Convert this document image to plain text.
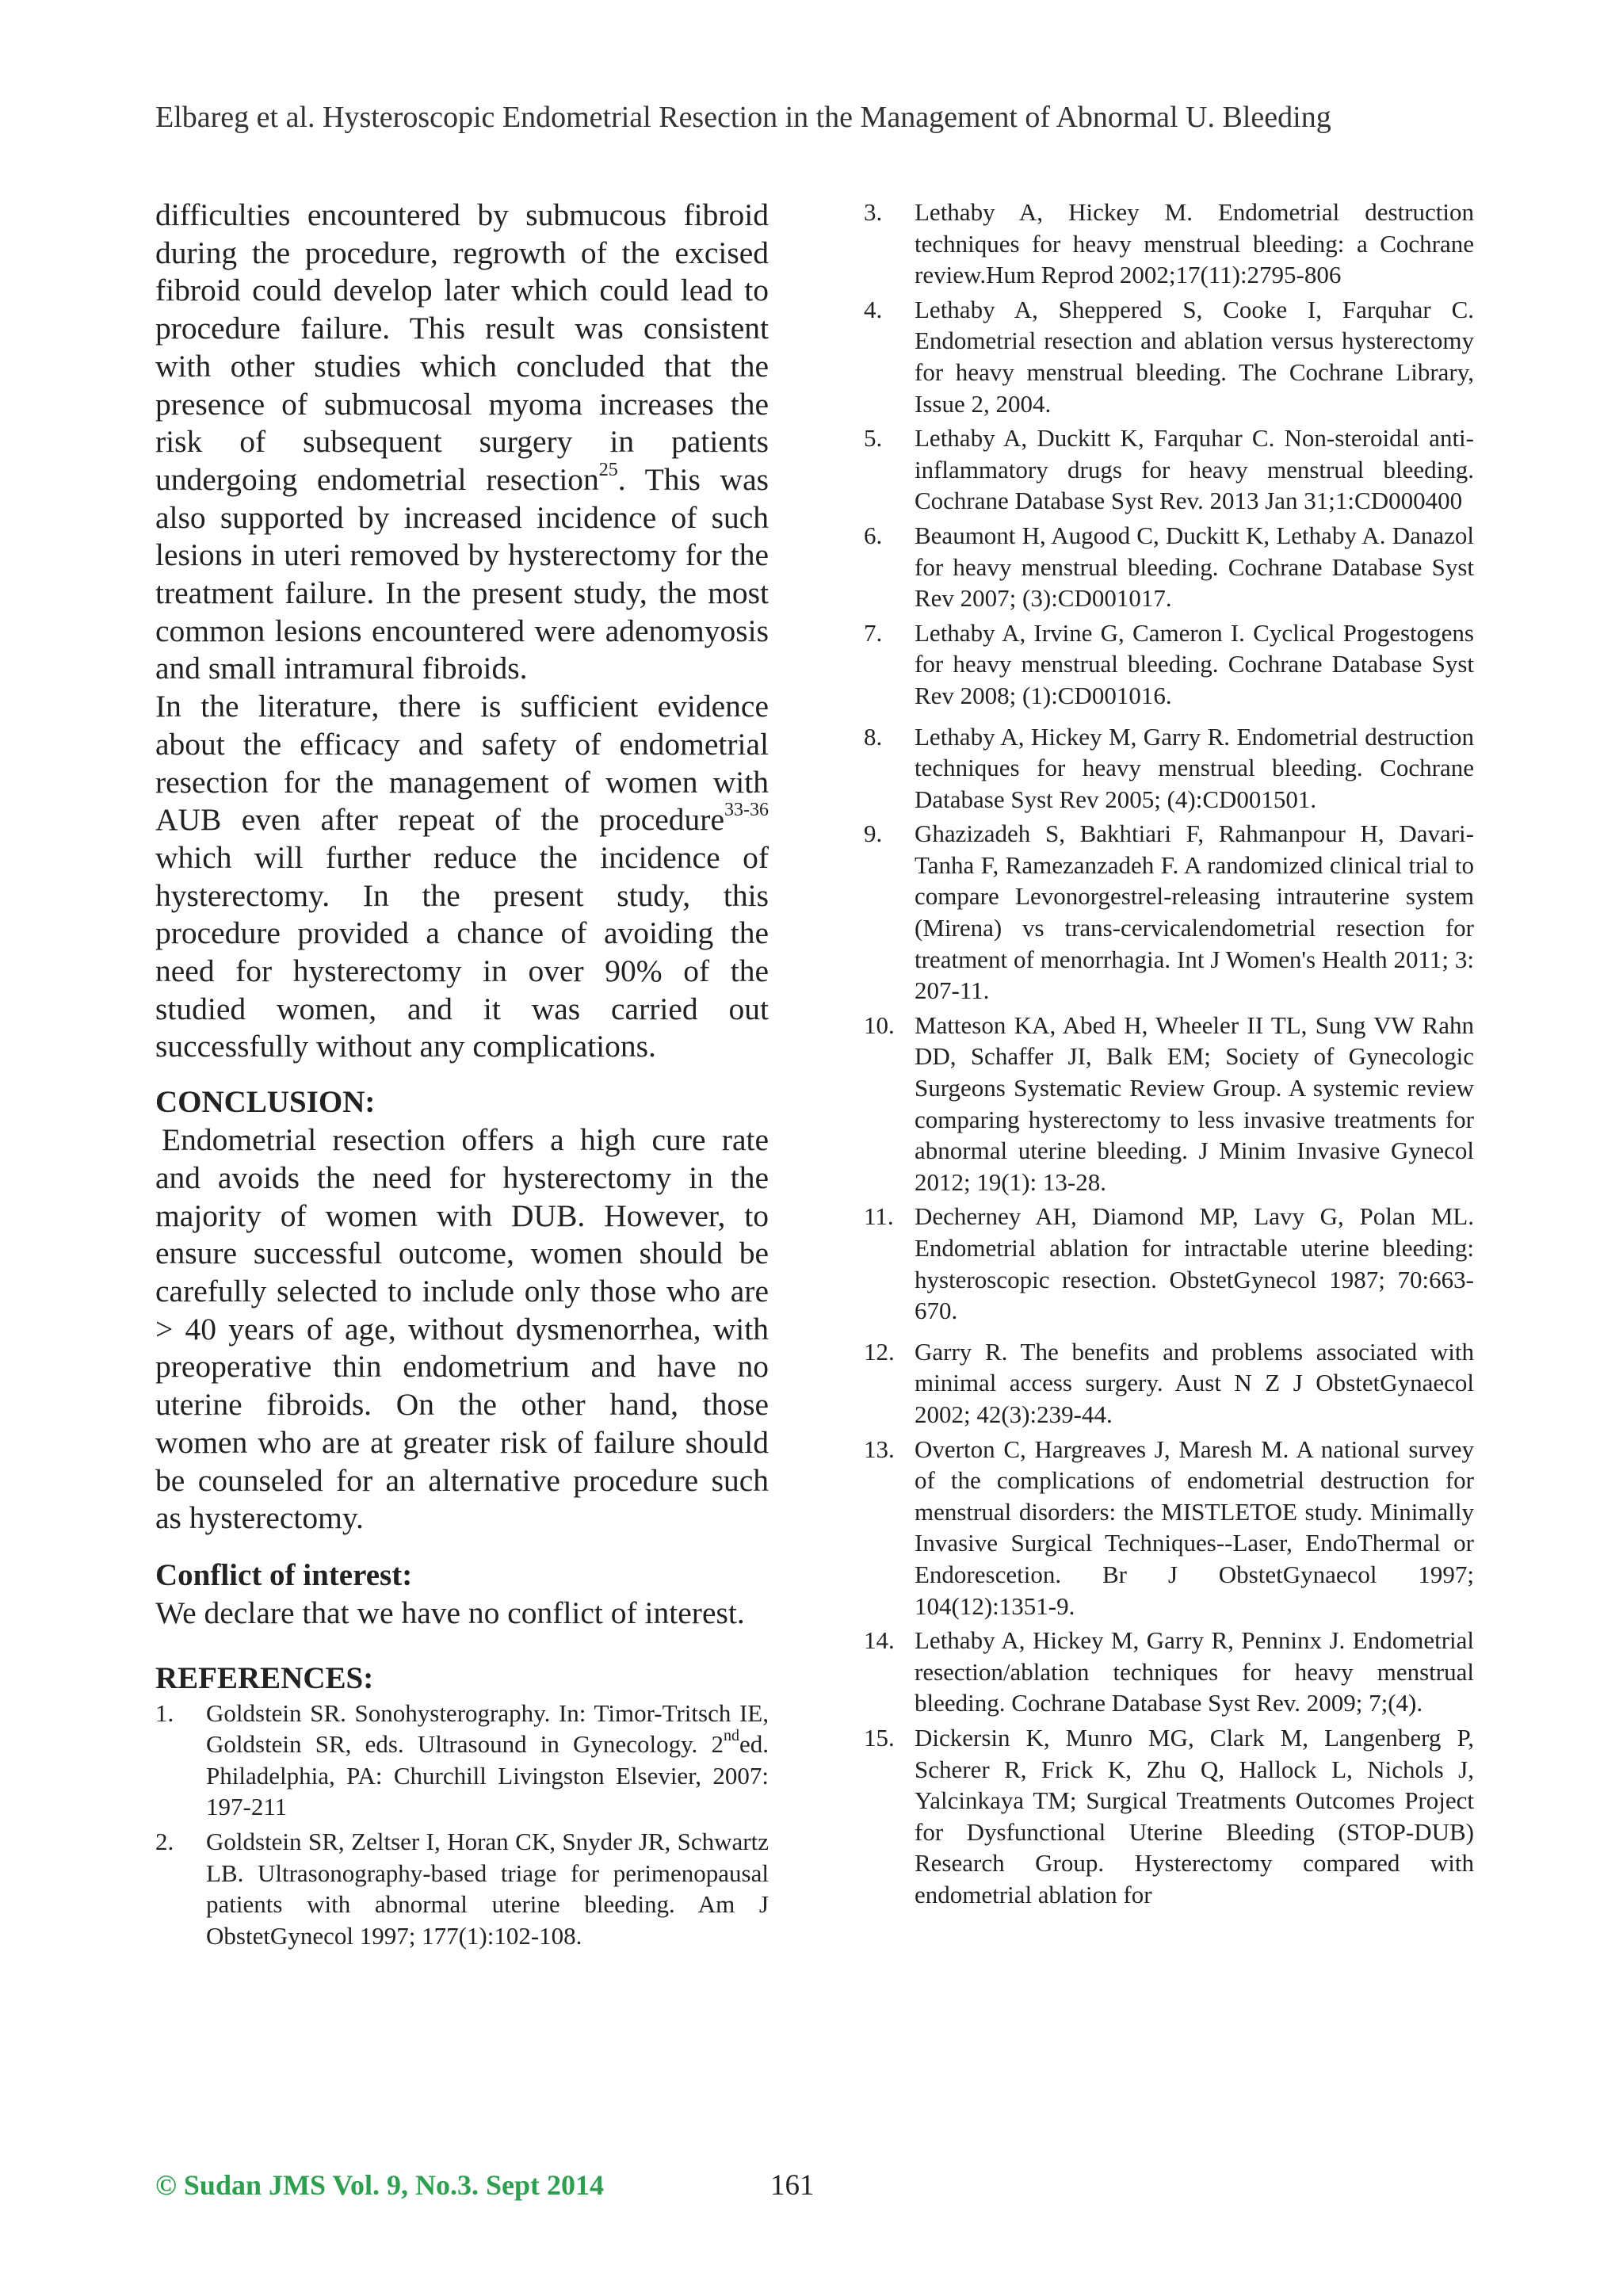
Elbareg et al. Hysteroscopic Endometrial Resection in the Management of Abnormal U. Bleeding

difficulties encountered by submucous fibroid during the procedure, regrowth of the excised fibroid could develop later which could lead to procedure failure. This result was consistent with other studies which concluded that the presence of submucosal myoma increases the risk of subsequent surgery in patients undergoing endometrial resection$^{25}$. This was also supported by increased incidence of such lesions in uteri removed by hysterectomy for the treatment failure. In the present study, the most common lesions encountered were adenomyosis and small intramural fibroids.

In the literature, there is sufficient evidence about the efficacy and safety of endometrial resection for the management of women with AUB even after repeat of the procedure$^{33-36}$ which will further reduce the incidence of hysterectomy. In the present study, this procedure provided a chance of avoiding the need for hysterectomy in over 90% of the studied women, and it was carried out successfully without any complications.

CONCLUSION:

Endometrial resection offers a high cure rate and avoids the need for hysterectomy in the majority of women with DUB. However, to ensure successful outcome, women should be carefully selected to include only those who are > 40 years of age, without dysmenorrhea, with preoperative thin endometrium and have no uterine fibroids. On the other hand, those women who are at greater risk of failure should be counseled for an alternative procedure such as hysterectomy.

Conflict of interest:

We declare that we have no conflict of interest.

REFERENCES:
1.	Goldstein SR. Sonohysterography. In: Timor-Tritsch IE, Goldstein SR, eds. Ultrasound in Gynecology. 2nded. Philadelphia, PA: Churchill Livingston Elsevier, 2007: 197-211
2.	Goldstein SR, Zeltser I, Horan CK, Snyder JR, Schwartz LB. Ultrasonography-based triage for perimenopausal patients with abnormal uterine bleeding. Am J ObstetGynecol 1997; 177(1):102-108.
3.	Lethaby A, Hickey M. Endometrial destruction techniques for heavy menstrual bleeding: a Cochrane review.Hum Reprod 2002;17(11):2795-806
4.	Lethaby A, Sheppered S, Cooke I, Farquhar C. Endometrial resection and ablation versus hysterectomy for heavy menstrual bleeding. The Cochrane Library, Issue 2, 2004.
5.	Lethaby A, Duckitt K, Farquhar C. Non-steroidal anti-inflammatory drugs for heavy menstrual bleeding. Cochrane Database Syst Rev. 2013 Jan 31;1:CD000400
6.	Beaumont H, Augood C, Duckitt K, Lethaby A. Danazol for heavy menstrual bleeding. Cochrane Database Syst Rev 2007; (3):CD001017.
7.	Lethaby A, Irvine G, Cameron I. Cyclical Progestogens for heavy menstrual bleeding. Cochrane Database Syst Rev 2008; (1):CD001016.
8.	Lethaby A, Hickey M, Garry R. Endometrial destruction techniques for heavy menstrual bleeding. Cochrane Database Syst Rev 2005; (4):CD001501.
9.	Ghazizadeh S, Bakhtiari F, Rahmanpour H, Davari-Tanha F, Ramezanzadeh F. A randomized clinical trial to compare Levonorgestrel-releasing intrauterine system (Mirena) vs trans-cervicalendometrial resection for treatment of menorrhagia. Int J Women's Health 2011; 3: 207-11.
10. Matteson KA, Abed H, Wheeler II TL, Sung VW Rahn DD, Schaffer JI, Balk EM; Society of Gynecologic Surgeons Systematic Review Group. A systemic review comparing hysterectomy to less invasive treatments for abnormal uterine bleeding. J Minim Invasive Gynecol 2012; 19(1): 13-28.
11. Decherney AH, Diamond MP, Lavy G, Polan ML. Endometrial ablation for intractable uterine bleeding: hysteroscopic resection. ObstetGynecol 1987; 70:663-670.
12. Garry R. The benefits and problems associated with minimal access surgery. Aust N Z J ObstetGynaecol 2002; 42(3):239-44.
13. Overton C, Hargreaves J, Maresh M. A national survey of the complications of endometrial destruction for menstrual disorders: the MISTLETOE study. Minimally Invasive Surgical Techniques--Laser, EndoThermal or Endorescetion. Br J ObstetGynaecol 1997; 104(12):1351-9.
14. Lethaby A, Hickey M, Garry R, Penninx J. Endometrial resection/ablation techniques for heavy menstrual bleeding. Cochrane Database Syst Rev. 2009; 7;(4).
15. Dickersin K, Munro MG, Clark M, Langenberg P, Scherer R, Frick K, Zhu Q, Hallock L, Nichols J, Yalcinkaya TM; Surgical Treatments Outcomes Project for Dysfunctional Uterine Bleeding (STOP-DUB) Research Group. Hysterectomy compared with endometrial ablation for
© Sudan JMS Vol. 9, No.3. Sept 2014	161
